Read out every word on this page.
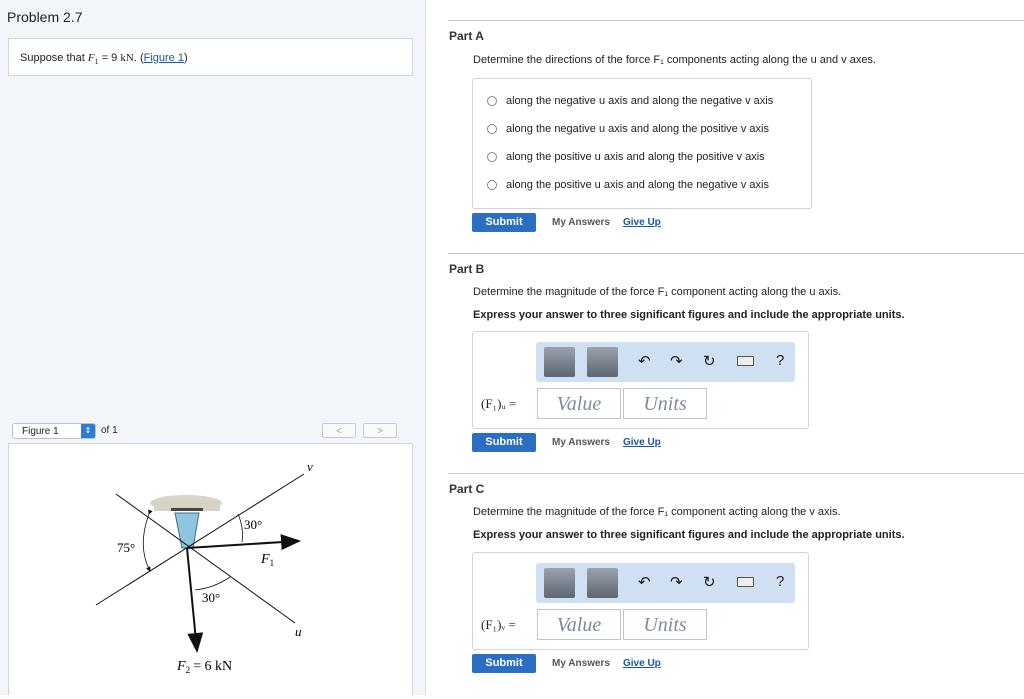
Problem 2.7
Suppose that $F_1 = 9$ kN. (Figure 1)
Figure 1	⇕ of 1	<	>
v
u
75°
30°
30°
$F_1$
$F_2 = 6$ kN
Part A
Determine the directions of the force F₁ components acting along the u and v axes.
along the negative u axis and along the negative v axis
along the negative u axis and along the positive v axis
along the positive u axis and along the positive v axis
along the positive u axis and along the negative v axis
Submit	My Answers Give Up
Part B
Determine the magnitude of the force F₁ component acting along the u axis.
Express your answer to three significant figures and include the appropriate units.
↶ ↷ ↻	?
(F₁)ᵤ =	Value	Units
Submit	My Answers Give Up
Part C
Determine the magnitude of the force F₁ component acting along the v axis.
Express your answer to three significant figures and include the appropriate units.
↶ ↷ ↻	?
(F₁)ᵥ =	Value	Units
Submit	My Answers Give Up
